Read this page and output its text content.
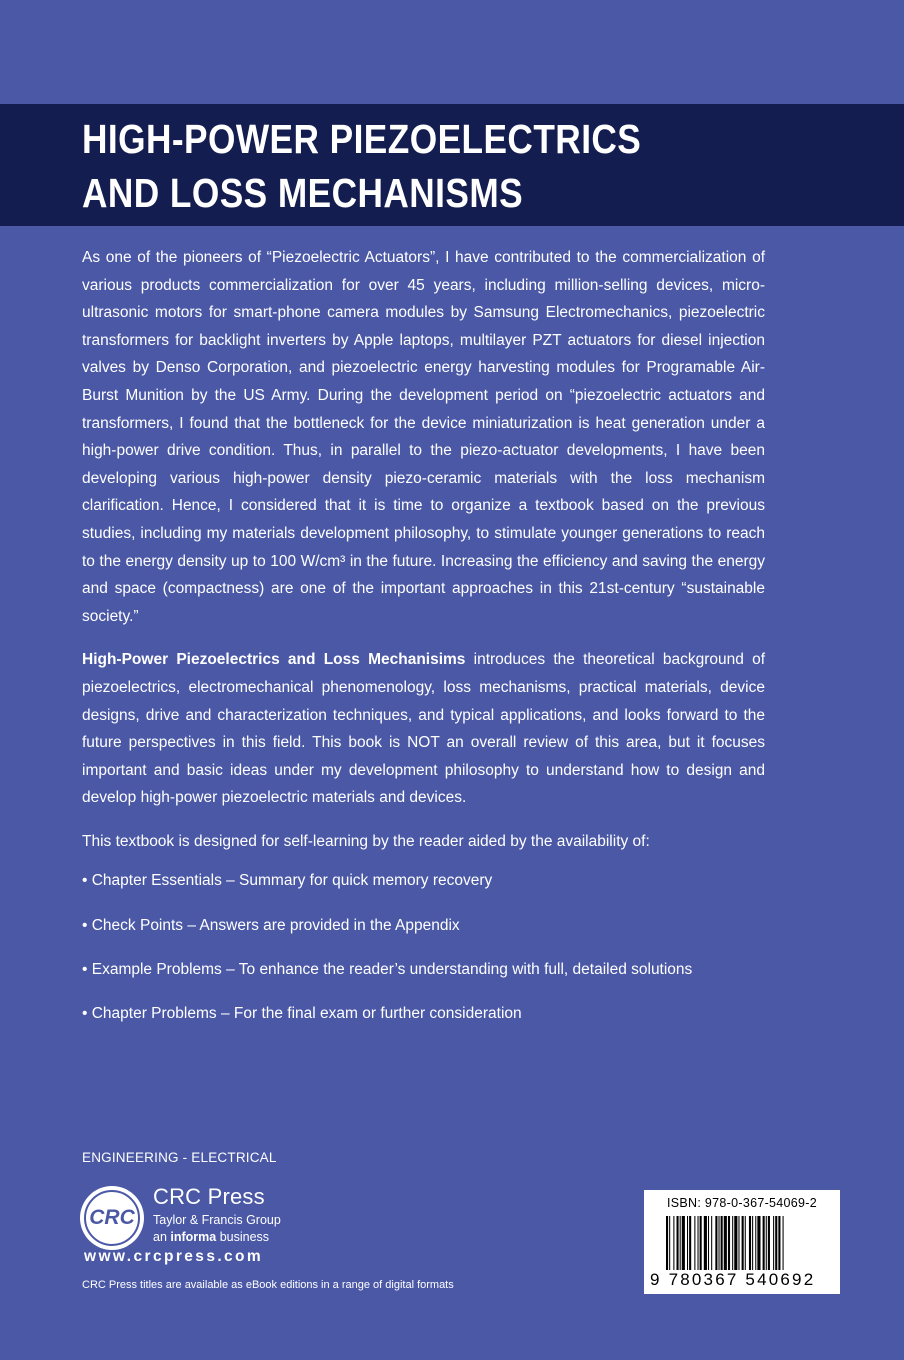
HIGH-POWER PIEZOELECTRICS
AND LOSS MECHANISMS

As one of the pioneers of “Piezoelectric Actuators”, I have contributed to the commercialization of various products commercialization for over 45 years, including million-selling devices, micro-ultrasonic motors for smart-phone camera modules by Samsung Electromechanics, piezoelectric transformers for backlight inverters by Apple laptops, multilayer PZT actuators for diesel injection valves by Denso Corporation, and piezoelectric energy harvesting modules for Programable Air-Burst Munition by the US Army. During the development period on “piezoelectric actuators and transformers, I found that the bottleneck for the device miniaturization is heat generation under a high-power drive condition. Thus, in parallel to the piezo-actuator developments, I have been developing various high-power density piezo-ceramic materials with the loss mechanism clarification. Hence, I considered that it is time to organize a textbook based on the previous studies, including my materials development philosophy, to stimulate younger generations to reach to the energy density up to 100 W/cm³ in the future. Increasing the efficiency and saving the energy and space (compactness) are one of the important approaches in this 21st-century “sustainable society.”

High-Power Piezoelectrics and Loss Mechanisims introduces the theoretical background of piezoelectrics, electromechanical phenomenology, loss mechanisms, practical materials, device designs, drive and characterization techniques, and typical applications, and looks forward to the future perspectives in this field. This book is NOT an overall review of this area, but it focuses important and basic ideas under my development philosophy to understand how to design and develop high-power piezoelectric materials and devices.

This textbook is designed for self-learning by the reader aided by the availability of:

• Chapter Essentials – Summary for quick memory recovery
• Check Points – Answers are provided in the Appendix
• Example Problems – To enhance the reader’s understanding with full, detailed solutions
• Chapter Problems – For the final exam or further consideration
ENGINEERING - ELECTRICAL
CRC
CRC Press
Taylor & Francis Group
an informa business
www.crcpress.com
CRC Press titles are available as eBook editions in a range of digital formats
ISBN: 978-0-367-54069-2
9 780367 540692
